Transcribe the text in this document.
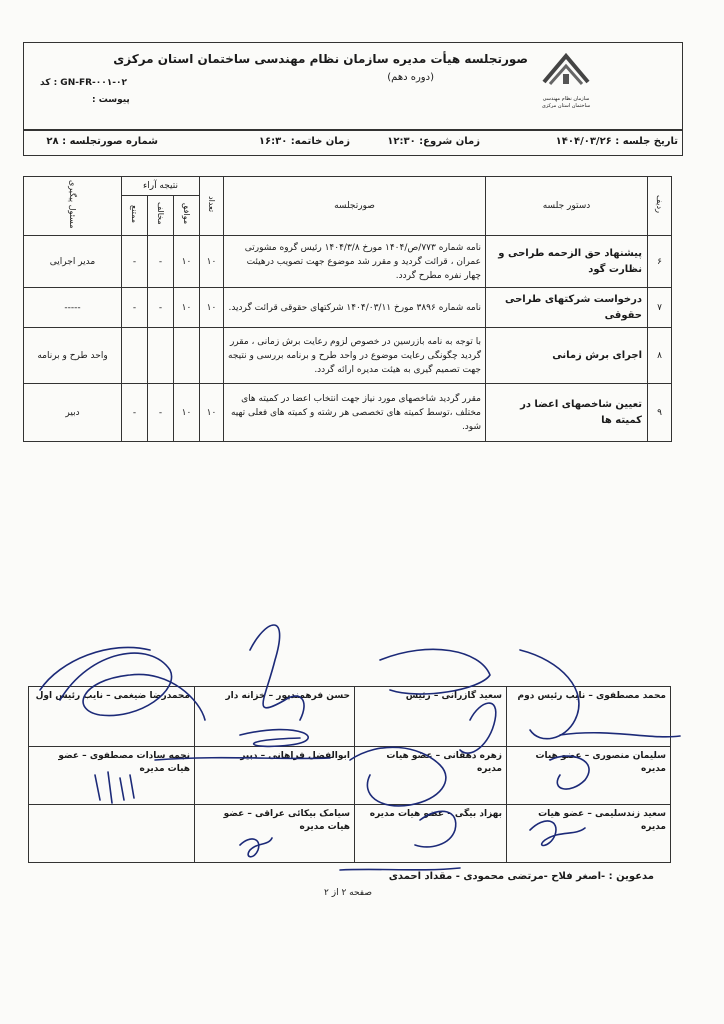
سازمان نظام مهندسی ساختمان استان مرکزی
صورتجلسه هیأت مدیره سازمان نظام مهندسی ساختمان استان مرکزی
(دوره دهم)
کد : GN-FR-۰۰۱-۰۲
پیوست :
تاریخ جلسه : ۱۴۰۴/۰۳/۲۶
زمان شروع: ۱۲:۳۰
زمان خاتمه: ۱۶:۳۰
شماره صورتجلسه : ۲۸
ردیف	دستور جلسه	صورتجلسه	تعداد	نتیجه آراء			مسئول پیگیری
				موافق	مخالف	ممتنع	
۶	پیشنهاد حق الزحمه طراحی و نظارت گود	نامه شماره ۷۷۳/ص/۱۴۰۴ مورخ ۱۴۰۴/۳/۸ رئیس گروه مشورتی عمران ، قرائت گردید و مقرر شد موضوع جهت تصویب درهیئت چهار نفره مطرح گردد.	۱۰	۱۰	-	-	مدیر اجرایی
۷	درخواست شرکتهای طراحی حقوقی	نامه شماره ۳۸۹۶ مورخ ۱۴۰۴/۰۳/۱۱ شرکتهای حقوقی قرائت گردید.	۱۰	۱۰	-	-	-----
۸	اجرای برش زمانی	با توجه به نامه بازرسین در خصوص لزوم رعایت برش زمانی ، مقرر گردید چگونگی رعایت موضوع در واحد طرح و برنامه بررسی و نتیجه جهت تصمیم گیری به هیئت مدیره ارائه گردد.					واحد طرح و برنامه
۹	تعیین شاخصهای اعضا در کمیته ها	مقرر گردید شاخصهای مورد نیاز جهت انتخاب اعضا در کمیته های مختلف ،توسط کمیته های تخصصی هر رشته و کمیته های فعلی تهیه شود.	۱۰	۱۰	-	-	دبیر
محمد مصطفوی – نایب رئیس دوم	سعید گازرانی – رئیس	حسن فرهمندپور – خزانه دار	محمدرضا ضیغمی – نایب رئیس اول
سلیمان منصوری – عضو هیات مدیره	زهره دهقانی – عضو هیات مدیره	ابوالفضل فراهانی – دبیر	نجمه سادات مصطفوی – عضو هیات مدیره
سعید زندسلیمی – عضو هیات مدیره	بهزاد بیگی – عضو هیات مدیره	سیامک بیکائی عراقی – عضو هیات مدیره	
مدعوین : -اصغر فلاح -مرتضی محمودی - مقداد احمدی
صفحه ۲ از ۲
